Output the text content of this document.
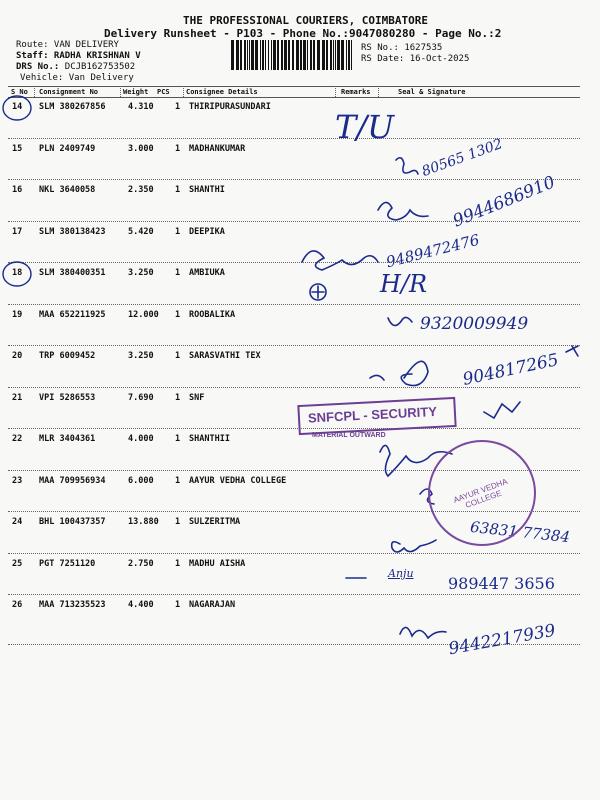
THE PROFESSIONAL COURIERS, COIMBATORE
Delivery Runsheet - P103 - Phone No.:9047080280 - Page No.:2
Route: VAN DELIVERY
Staff: RADHA KRISHNAN V
DRS No.: DCJB162753502
Vehicle: Van Delivery
RS No.: 1627535
RS Date: 16-Oct-2025
S No Consignment No	Weight PCS Consignee Details	Remarks	Seal & Signature
14 SLM 380267856	4.310	1 THIRIPURASUNDARI
15 PLN 2409749	3.000	1 MADHANKUMAR
16 NKL 3640058	2.350	1 SHANTHI
17 SLM 380138423	5.420	1 DEEPIKA
18 SLM 380400351	3.250	1 AMBIUKA
19 MAA 652211925	12.000 1 ROOBALIKA
20 TRP 6009452	3.250	1 SARASVATHI TEX
21 VPI 5286553	7.690	1 SNF
22 MLR 3404361	4.000	1 SHANTHII
23 MAA 709956934	6.000	1 AAYUR VEDHA COLLEGE
24 BHL 100437357	13.880 1 SULZERITMA
25 PGT 7251120	2.750	1 MADHU AISHA
26 MAA 713235523	4.400	1 NAGARAJAN
T/U
80565 1302
9944686910
9489472476
H/R
9320009949
904817265
63831 77384
Anju
989447 3656
9442217939
SNFCPL - SECURITY
MATERIAL OUTWARD
AAYUR VEDHA COLLEGE
